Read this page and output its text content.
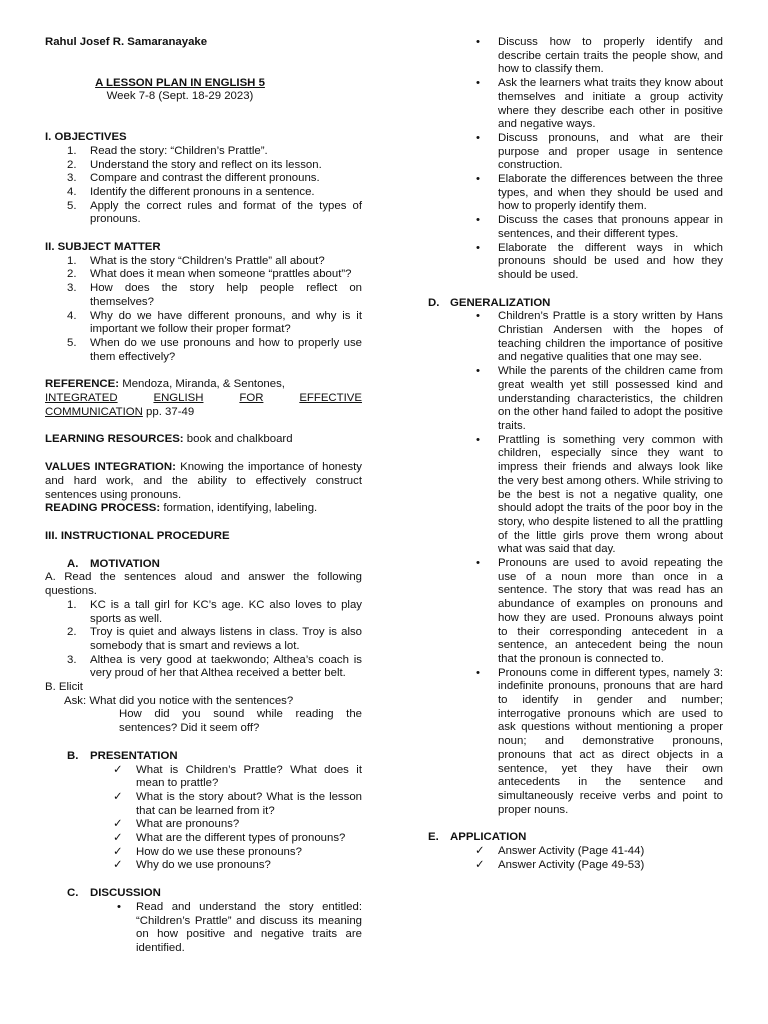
Rahul Josef R. Samaranayake

A LESSON PLAN IN ENGLISH 5

Week 7-8 (Sept. 18-29 2023)

I. OBJECTIVES

1. Read the story: “Children’s Prattle”.
2. Understand the story and reflect on its lesson.
3. Compare and contrast the different pronouns.
4. Identify the different pronouns in a sentence.
5. Apply the correct rules and format of the types of pronouns.

II. SUBJECT MATTER

1. What is the story “Children’s Prattle” all about?
2. What does it mean when someone “prattles about”?
3. How does the story help people reflect on themselves?
4. Why do we have different pronouns, and why is it important we follow their proper format?
5. When do we use pronouns and how to properly use them effectively?

REFERENCE: Mendoza, Miranda, & Sentones,

INTEGRATED	ENGLISH	FOR	EFFECTIVE

COMMUNICATION pp. 37-49

LEARNING RESOURCES: book and chalkboard

VALUES INTEGRATION: Knowing the importance of honesty and hard work, and the ability to effectively construct sentences using pronouns.

READING PROCESS: formation, identifying, labeling.

III. INSTRUCTIONAL PROCEDURE

A. MOTIVATION

A. Read the sentences aloud and answer the following questions.

1. KC is a tall girl for KC’s age. KC also loves to play sports as well.
2. Troy is quiet and always listens in class. Troy is also somebody that is smart and reviews a lot.
3. Althea is very good at taekwondo; Althea’s coach is very proud of her that Althea received a better belt.

B. Elicit

Ask: What did you notice with the sentences?

How did you sound while reading the sentences? Did it seem off?

B. PRESENTATION

✓ What is Children’s Prattle? What does it mean to prattle?
✓ What is the story about? What is the lesson that can be learned from it?
✓ What are pronouns?
✓ What are the different types of pronouns?
✓ How do we use these pronouns?
✓ Why do we use pronouns?

C. DISCUSSION

• Read and understand the story entitled: “Children’s Prattle” and discuss its meaning on how positive and negative traits are identified.
• Discuss how to properly identify and describe certain traits the people show, and how to classify them.
• Ask the learners what traits they know about themselves and initiate a group activity where they describe each other in positive and negative ways.
• Discuss pronouns, and what are their purpose and proper usage in sentence construction.
• Elaborate the differences between the three types, and when they should be used and how to properly identify them.
• Discuss the cases that pronouns appear in sentences, and their different types.
• Elaborate the different ways in which pronouns should be used and how they should be used.

D. GENERALIZATION

• Children’s Prattle is a story written by Hans Christian Andersen with the hopes of teaching children the importance of positive and negative qualities that one may see.
• While the parents of the children came from great wealth yet still possessed kind and understanding characteristics, the children on the other hand failed to adopt the positive traits.
• Prattling is something very common with children, especially since they want to impress their friends and always look like the very best among others. While striving to be the best is not a negative quality, one should adopt the traits of the poor boy in the story, who despite listened to all the prattling of the little girls prove them wrong about what was said that day.
• Pronouns are used to avoid repeating the use of a noun more than once in a sentence. The story that was read has an abundance of examples on pronouns and how they are used. Pronouns always point to their corresponding antecedent in a sentence, an antecedent being the noun that the pronoun is connected to.
• Pronouns come in different types, namely 3: indefinite pronouns, pronouns that are hard to identify in gender and number; interrogative pronouns which are used to ask questions without mentioning a proper noun; and demonstrative pronouns, pronouns that act as direct objects in a sentence, yet they have their own antecedents in the sentence and simultaneously receive verbs and point to proper nouns.

E. APPLICATION

✓ Answer Activity (Page 41-44)
✓ Answer Activity (Page 49-53)
